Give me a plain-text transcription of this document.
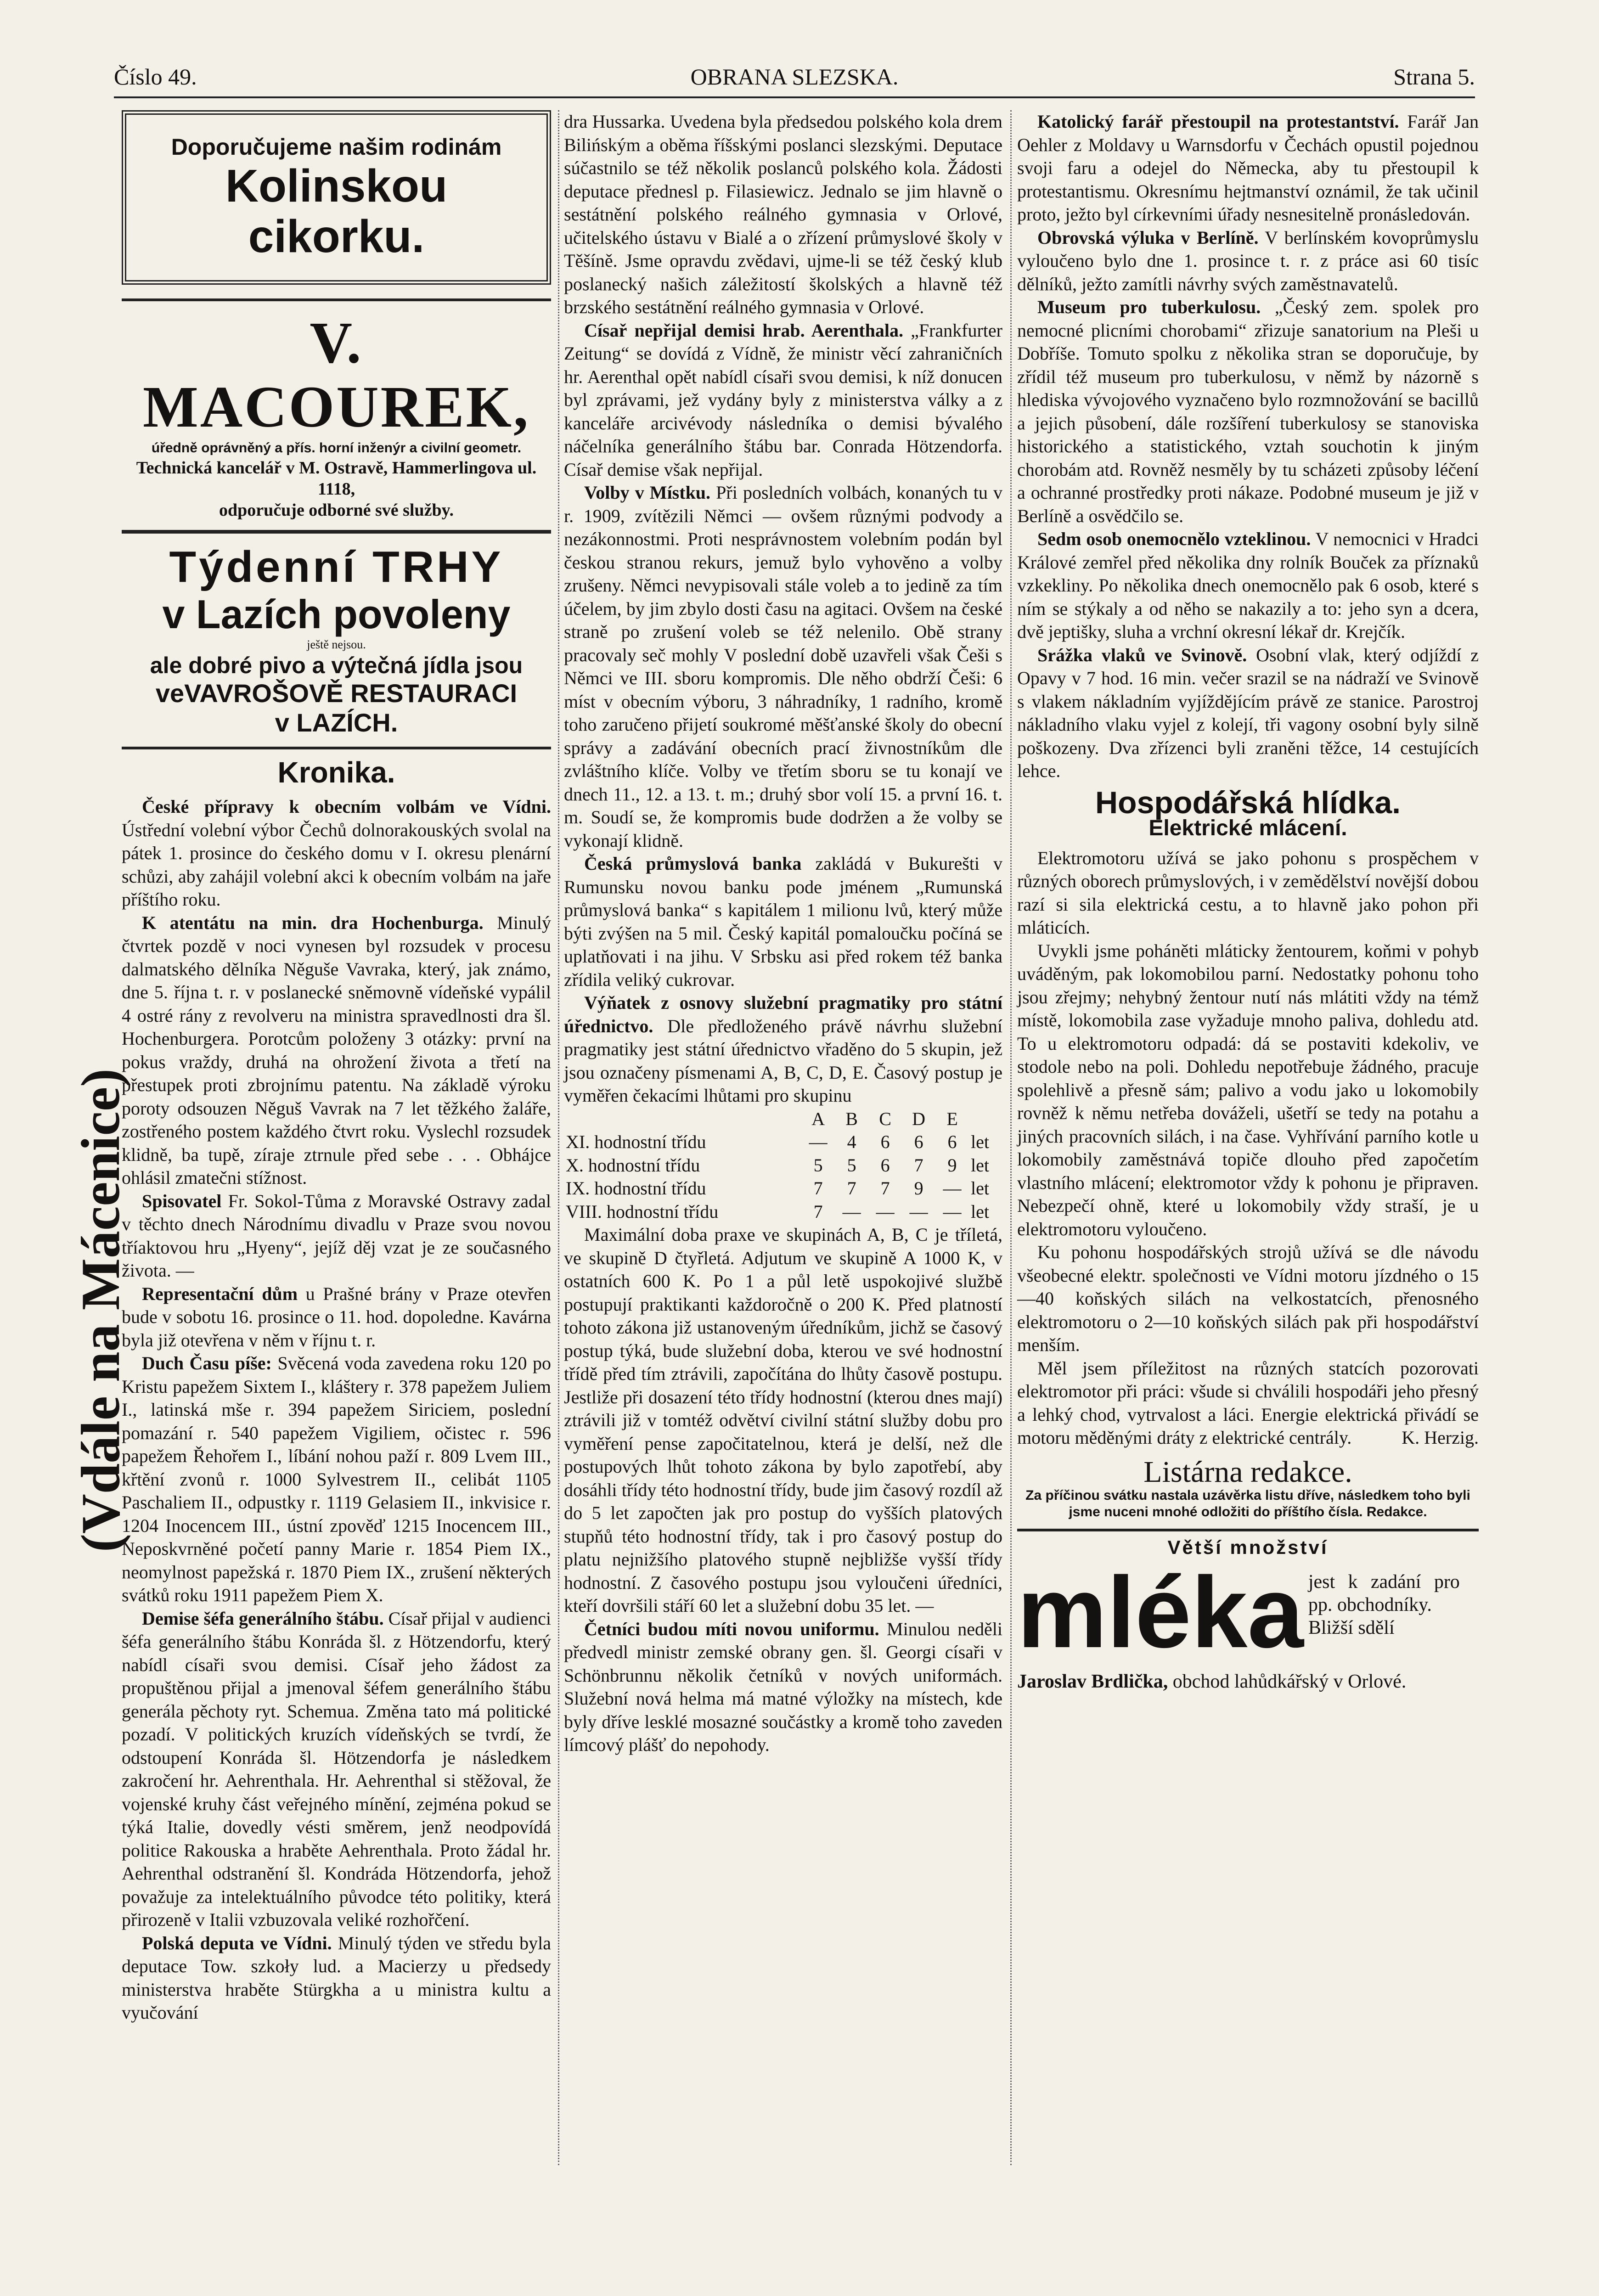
Číslo 49.	OBRANA SLEZSKA.	Strana 5.
(Vdále na Mácenice)
Doporučujeme našim rodinám
Kolinskou cikorku.
V. MACOUREK,
úředně oprávněný a přís. horní inženýr a civilní geometr.
Technická kancelář v M. Ostravě, Hammerlingova ul. 1118,
odporučuje odborné své služby.
Týdenní TRHY
v Lazích povoleny
ještě nejsou.
ale dobré pivo a výtečná jídla jsou
veVAVROŠOVĚ RESTAURACI
v LAZÍCH.
Kronika.

České přípravy k obecním volbám ve Vídni. Ústřední volební výbor Čechů dolnorakouských svolal na pátek 1. prosince do českého domu v I. okresu plenární schůzi, aby zahájil volební akci k obecním volbám na jaře příštího roku.

K atentátu na min. dra Hochenburga. Minulý čtvrtek pozdě v noci vynesen byl rozsudek v procesu dalmatského dělníka Něguše Vavraka, který, jak známo, dne 5. října t. r. v poslanecké sněmovně vídeňské vypálil 4 ostré rány z revolveru na ministra spravedlnosti dra šl. Hochenburgera. Porotcům položeny 3 otázky: první na pokus vraždy, druhá na ohrožení života a třetí na přestupek proti zbrojnímu patentu. Na základě výroku poroty odsouzen Něguš Vavrak na 7 let těžkého žaláře, zostřeného postem každého čtvrt roku. Vyslechl rozsudek klidně, ba tupě, zíraje ztrnule před sebe . . . Obhájce ohlásil zmatečni stížnost.

Spisovatel Fr. Sokol-Tůma z Moravské Ostravy zadal v těchto dnech Národnímu divadlu v Praze svou novou tříaktovou hru „Hyeny“, jejíž děj vzat je ze současného života. —

Representační dům u Prašné brány v Praze otevřen bude v sobotu 16. prosince o 11. hod. dopoledne. Kavárna byla již otevřena v něm v říjnu t. r.

Duch Času píše: Svěcená voda zavedena roku 120 po Kristu papežem Sixtem I., kláštery r. 378 papežem Juliem I., latinská mše r. 394 papežem Siriciem, poslední pomazání r. 540 papežem Vigiliem, očistec r. 596 papežem Řehořem I., líbání nohou paží r. 809 Lvem III., křtění zvonů r. 1000 Sylvestrem II., celibát 1105 Paschaliem II., odpustky r. 1119 Gelasiem II., inkvisice r. 1204 Inocencem III., ústní zpověď 1215 Inocencem III., Neposkvrněné početí panny Marie r. 1854 Piem IX., neomylnost papežská r. 1870 Piem IX., zrušení některých svátků roku 1911 papežem Piem X.

Demise šéfa generálního štábu. Císař přijal v audienci šéfa generálního štábu Konráda šl. z Hötzendorfu, který nabídl císaři svou demisi. Císař jeho žádost za propuštěnou přijal a jmenoval šéfem generálního štábu generála pěchoty ryt. Schemua. Změna tato má politické pozadí. V politických kruzích vídeňských se tvrdí, že odstoupení Konráda šl. Hötzendorfa je následkem zakročení hr. Aehrenthala. Hr. Aehrenthal si stěžoval, že vojenské kruhy část veřejného mínění, zejména pokud se týká Italie, dovedly vésti směrem, jenž neodpovídá politice Rakouska a hraběte Aehrenthala. Proto žádal hr. Aehrenthal odstranění šl. Kondráda Hötzendorfa, jehož považuje za intelektuálního původce této politiky, která přirozeně v Italii vzbuzovala veliké rozhořčení.

Polská deputa ve Vídni. Minulý týden ve středu byla deputace Tow. szkoły lud. a Macierzy u předsedy ministerstva hraběte Stürgkha a u ministra kultu a vyučování

dra Hussarka. Uvedena byla předsedou polského kola drem Bilińským a oběma říšskými poslanci slezskými. Deputace súčastnilo se též několik poslanců polského kola. Žádosti deputace přednesl p. Filasiewicz. Jednalo se jim hlavně o sestátnění polského reálného gymnasia v Orlové, učitelského ústavu v Bialé a o zřízení průmyslové školy v Těšíně. Jsme opravdu zvědavi, ujme-li se též český klub poslanecký našich záležitostí školských a hlavně též brzského sestátnění reálného gymnasia v Orlové.

Císař nepřijal demisi hrab. Aerenthala. „Frankfurter Zeitung“ se dovídá z Vídně, že ministr věcí zahraničních hr. Aerenthal opět nabídl císaři svou demisi, k níž donucen byl zprávami, jež vydány byly z ministerstva války a z kanceláře arcivévody následníka o demisi bývalého náčelníka generálního štábu bar. Conrada Hötzendorfa. Císař demise však nepřijal.

Volby v Místku. Při posledních volbách, konaných tu v r. 1909, zvítězili Němci — ovšem různými podvody a nezákonnostmi. Proti nesprávnostem volebním podán byl českou stranou rekurs, jemuž bylo vyhověno a volby zrušeny. Němci nevypisovali stále voleb a to jedině za tím účelem, by jim zbylo dosti času na agitaci. Ovšem na české straně po zrušení voleb se též nelenilo. Obě strany pracovaly seč mohly V poslední době uzavřeli však Češi s Němci ve III. sboru kompromis. Dle něho obdrží Češi: 6 míst v obecním výboru, 3 náhradníky, 1 radního, kromě toho zaručeno přijetí soukromé měšťanské školy do obecní správy a zadávání obecních prací živnostníkům dle zvláštního klíče. Volby ve třetím sboru se tu konají ve dnech 11., 12. a 13. t. m.; druhý sbor volí 15. a první 16. t. m. Soudí se, že kompromis bude dodržen a že volby se vykonají klidně.

Česká průmyslová banka zakládá v Bukurešti v Rumunsku novou banku pode jménem „Rumunská průmyslová banka“ s kapitálem 1 milionu lvů, který může býti zvýšen na 5 mil. Český kapitál pomaloučku počíná se uplatňovati i na jihu. V Srbsku asi před rokem též banka zřídila veliký cukrovar.

Výňatek z osnovy služební pragmatiky pro státní úřednictvo. Dle předloženého právě návrhu služební pragmatiky jest státní úřednictvo vřaděno do 5 skupin, jež jsou označeny písmenami A, B, C, D, E. Časový postup je vyměřen čekacími lhůtami pro skupinu

	A	B	C	D	E	
XI. hodnostní třídu	—	4	6	6	6	let
X. hodnostní třídu	5	5	6	7	9	let
IX. hodnostní třídu	7	7	7	9	—	let
VIII. hodnostní třídu	7	—	—	—	—	let

Maximální doba praxe ve skupinách A, B, C je tříletá, ve skupině D čtyřletá. Adjutum ve skupině A 1000 K, v ostatních 600 K. Po 1 a půl letě uspokojivé službě postupují praktikanti každoročně o 200 K. Před platností tohoto zákona již ustanoveným úředníkům, jichž se časový postup týká, bude služební doba, kterou ve své hodnostní třídě před tím ztrávili, započítána do lhůty časově postupu. Jestliže při dosazení této třídy hodnostní (kterou dnes mají) ztrávili již v tomtéž odvětví civilní státní služby dobu pro vyměření pense započitatelnou, která je delší, než dle postupových lhůt tohoto zákona by bylo zapotřebí, aby dosáhli třídy této hodnostní třídy, bude jim časový rozdíl až do 5 let započten jak pro postup do vyšších platových stupňů této hodnostní třídy, tak i pro časový postup do platu nejnižšího platového stupně nejbližše vyšší třídy hodnostní. Z časového postupu jsou vyloučeni úředníci, kteří dovršili stáří 60 let a služební dobu 35 let. —

Četníci budou míti novou uniformu. Minulou neděli předvedl ministr zemské obrany gen. šl. Georgi císaři v Schönbrunnu několik četníků v nových uniformách. Služební nová helma má matné výložky na místech, kde byly dříve lesklé mosazné součástky a kromě toho zaveden límcový plášť do nepohody.

Katolický farář přestoupil na protestantství. Farář Jan Oehler z Moldavy u Warnsdorfu v Čechách opustil pojednou svoji faru a odejel do Německa, aby tu přestoupil k protestantismu. Okresnímu hejtmanství oznámil, že tak učinil proto, ježto byl církevními úřady nesnesitelně pronásledován.

Obrovská výluka v Berlíně. V berlínském kovoprůmyslu vyloučeno bylo dne 1. prosince t. r. z práce asi 60 tisíc dělníků, ježto zamítli návrhy svých zaměstnavatelů.

Museum pro tuberkulosu. „Český zem. spolek pro nemocné plicními chorobami“ zřizuje sanatorium na Pleši u Dobříše. Tomuto spolku z několika stran se doporučuje, by zřídil též museum pro tuberkulosu, v němž by názorně s hlediska vývojového vyznačeno bylo rozmnožování se bacillů a jejich působení, dále rozšíření tuberkulosy se stanoviska historického a statistického, vztah souchotin k jiným chorobám atd. Rovněž nesměly by tu scházeti způsoby léčení a ochranné prostředky proti nákaze. Podobné museum je již v Berlíně a osvědčilo se.

Sedm osob onemocnělo vzteklinou. V nemocnici v Hradci Králové zemřel před několika dny rolník Bouček za příznaků vzkekliny. Po několika dnech onemocnělo pak 6 osob, které s ním se stýkaly a od něho se nakazily a to: jeho syn a dcera, dvě jeptišky, sluha a vrchní okresní lékař dr. Krejčík.

Srážka vlaků ve Svinově. Osobní vlak, který odjíždí z Opavy v 7 hod. 16 min. večer srazil se na nádraží ve Svinově s vlakem nákladním vyjíždějícím právě ze stanice. Parostroj nákladního vlaku vyjel z kolejí, tři vagony osobní byly silně poškozeny. Dva zřízenci byli zraněni těžce, 14 cestujících lehce.

Hospodářská hlídka.
Elektrické mlácení.

Elektromotoru užívá se jako pohonu s prospěchem v různých oborech průmyslových, i v zemědělství novější dobou razí si sila elektrická cestu, a to hlavně jako pohon při mláticích.

Uvykli jsme poháněti mláticky žentourem, koňmi v pohyb uváděným, pak lokomobilou parní. Nedostatky pohonu toho jsou zřejmy; nehybný žentour nutí nás mlátiti vždy na témž místě, lokomobila zase vyžaduje mnoho paliva, dohledu atd. To u elektromotoru odpadá: dá se postaviti kdekoliv, ve stodole nebo na poli. Dohledu nepotřebuje žádného, pracuje spolehlivě a přesně sám; palivo a vodu jako u lokomobily rovněž k němu netřeba dováželi, ušetří se tedy na potahu a jiných pracovních silách, i na čase. Vyhřívání parního kotle u lokomobily zaměstnává topiče dlouho před započetím vlastního mlácení; elektromotor vždy k pohonu je připraven. Nebezpečí ohně, které u lokomobily vždy straší, je u elektromotoru vyloučeno.

Ku pohonu hospodářských strojů užívá se dle návodu všeobecné elektr. společnosti ve Vídni motoru jízdného o 15—40 koňských silách na velkostatcích, přenosného elektromotoru o 2—10 koňských silách pak při hospodářství menším.

Měl jsem příležitost na různých statcích pozorovati elektromotor při práci: všude si chválili hospodáři jeho přesný a lehký chod, vytrvalost a láci. Energie elektrická přivádí se motoru měděnými dráty z elektrické centrály.	K. Herzig.

Listárna redakce.
Za příčinou svátku nastala uzávěrka listu dříve, následkem toho byli jsme nuceni mnohé odložiti do příštího čísla. Redakce.
Větší množství
mléka jest k zadání pro pp. obchodníky.
Bližší sdělí
Jaroslav Brdlička, obchod lahůdkářský v Orlové.
